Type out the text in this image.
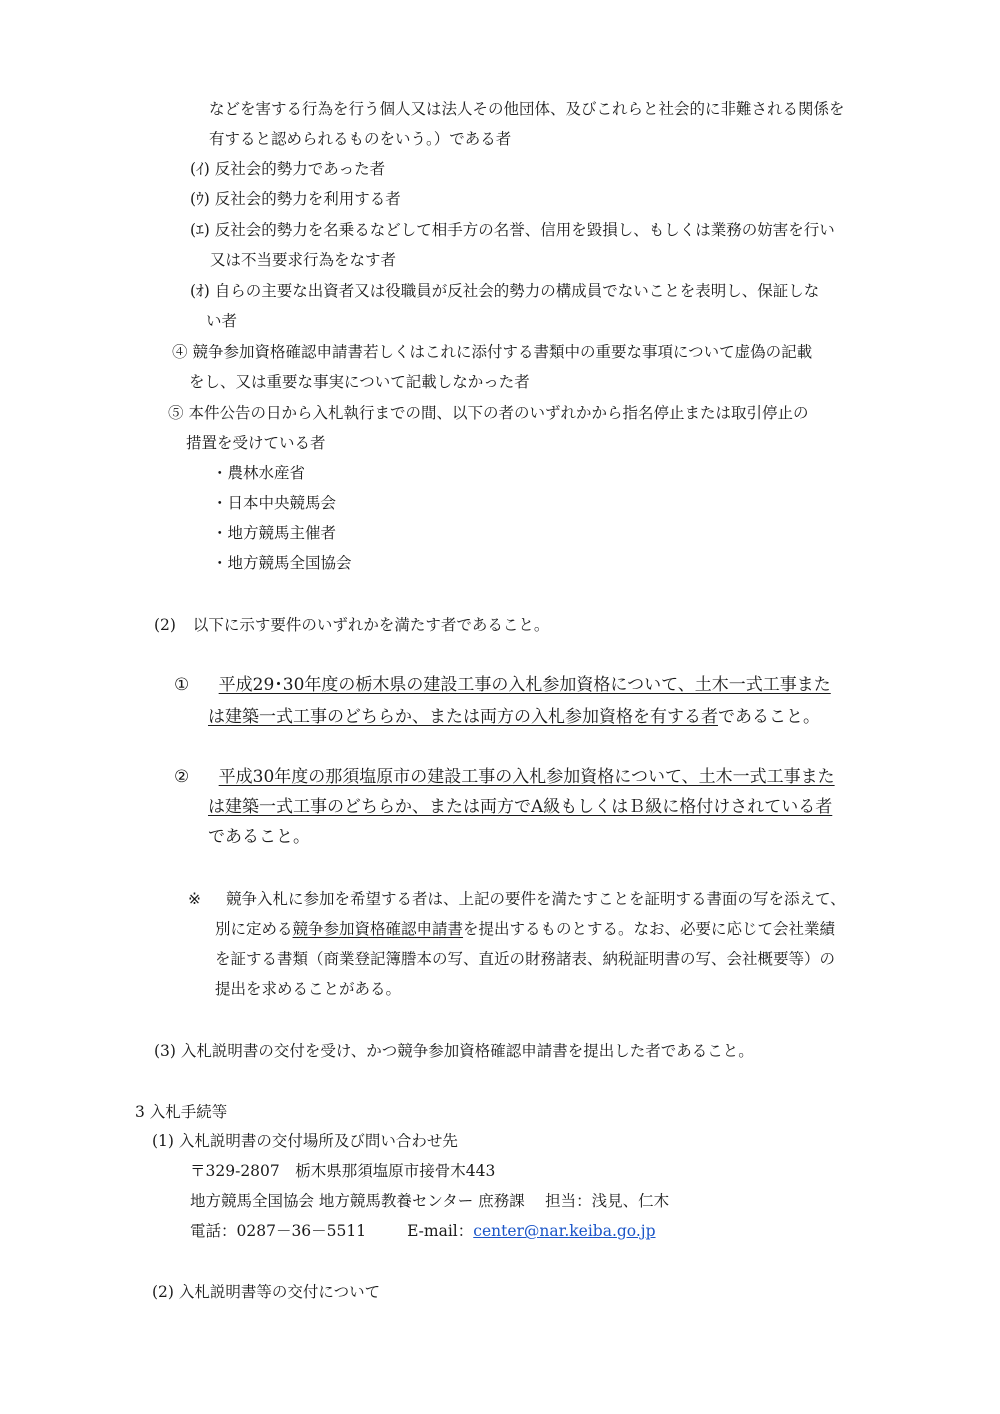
などを害する行為を行う個人又は法人その他団体、及びこれらと社会的に非難される関係を
有すると認められるものをいう。）である者
(ｲ) 反社会的勢力であった者
(ｳ) 反社会的勢力を利用する者
(ｴ) 反社会的勢力を名乗るなどして相手方の名誉、信用を毀損し、もしくは業務の妨害を行い
又は不当要求行為をなす者
(ｵ) 自らの主要な出資者又は役職員が反社会的勢力の構成員でないことを表明し、保証しな
い者
④ 競争参加資格確認申請書若しくはこれに添付する書類中の重要な事項について虚偽の記載
をし、又は重要な事実について記載しなかった者
⑤ 本件公告の日から入札執行までの間、以下の者のいずれかから指名停止または取引停止の
措置を受けている者
・農林水産省
・日本中央競馬会
・地方競馬主催者
・地方競馬全国協会
(2) 以下に示す要件のいずれかを満たす者であること。
① 平成29･30年度の栃木県の建設工事の入札参加資格について、土木一式工事また
は建築一式工事のどちらか、または両方の入札参加資格を有する者であること。
② 平成30年度の那須塩原市の建設工事の入札参加資格について、土木一式工事また
は建築一式工事のどちらか、または両方でA級もしくはＢ級に格付けされている者
であること。
※ 競争入札に参加を希望する者は、上記の要件を満たすことを証明する書面の写を添えて、
別に定める競争参加資格確認申請書を提出するものとする。なお、必要に応じて会社業績
を証する書類（商業登記簿謄本の写、直近の財務諸表、納税証明書の写、会社概要等）の
提出を求めることがある。
(3) 入札説明書の交付を受け、かつ競争参加資格確認申請書を提出した者であること。
3 入札手続等
(1) 入札説明書の交付場所及び問い合わせ先
〒329-2807　栃木県那須塩原市接骨木443
地方競馬全国協会 地方競馬教養センター 庶務課　 担当：浅見、仁木
電話：0287－36－5511	E-mail：center@nar.keiba.go.jp
(2) 入札説明書等の交付について
